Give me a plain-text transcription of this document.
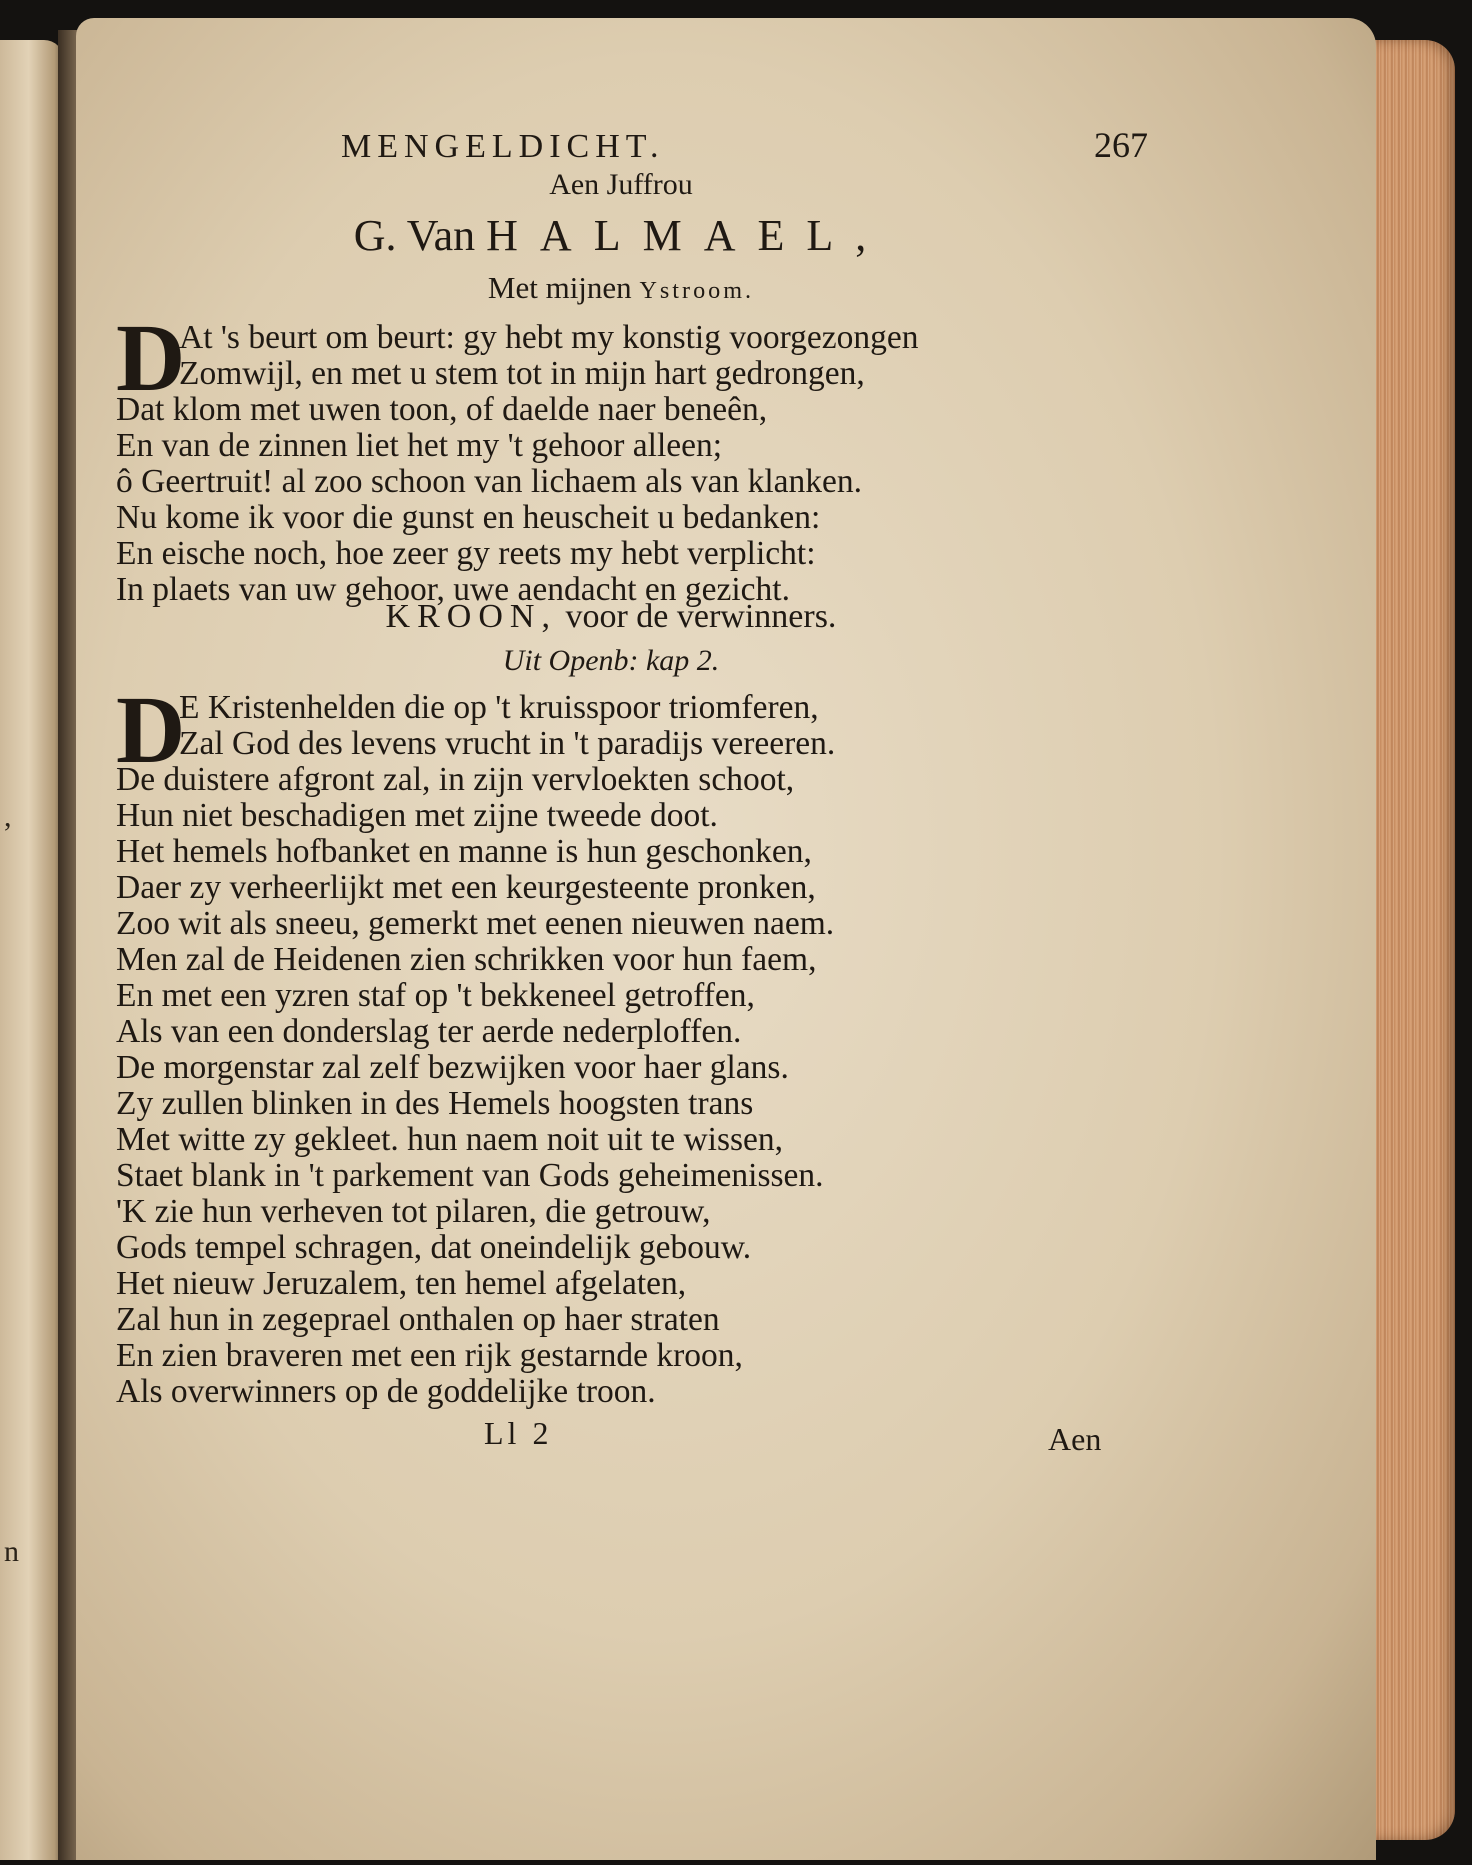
,
n
MENGELDICHT.	267
Aen Juffrou
G. Van HALMAEL,
Met mijnen Ystroom.
D
At 's beurt om beurt: gy hebt my konstig voorgezongen
Zomwijl, en met u stem tot in mijn hart gedrongen,
Dat klom met uwen toon, of daelde naer beneên,
En van de zinnen liet het my 't gehoor alleen;
ô Geertruit! al zoo schoon van lichaem als van klanken.
Nu kome ik voor die gunst en heuscheit u bedanken:
En eische noch, hoe zeer gy reets my hebt verplicht:
In plaets van uw gehoor, uwe aendacht en gezicht.
KROON, voor de verwinners.
Uit Openb: kap 2.
D
E Kristenhelden die op 't kruisspoor triomferen,
Zal God des levens vrucht in 't paradijs vereeren.
De duistere afgront zal, in zijn vervloekten schoot,
Hun niet beschadigen met zijne tweede doot.
Het hemels hofbanket en manne is hun geschonken,
Daer zy verheerlijkt met een keurgesteente pronken,
Zoo wit als sneeu, gemerkt met eenen nieuwen naem.
Men zal de Heidenen zien schrikken voor hun faem,
En met een yzren staf op 't bekkeneel getroffen,
Als van een donderslag ter aerde nederploffen.
De morgenstar zal zelf bezwijken voor haer glans.
Zy zullen blinken in des Hemels hoogsten trans
Met witte zy gekleet. hun naem noit uit te wissen,
Staet blank in 't parkement van Gods geheimenissen.
'K zie hun verheven tot pilaren, die getrouw,
Gods tempel schragen, dat oneindelijk gebouw.
Het nieuw Jeruzalem, ten hemel afgelaten,
Zal hun in zegeprael onthalen op haer straten
En zien braveren met een rijk gestarnde kroon,
Als overwinners op de goddelijke troon.
Ll 2	Aen
